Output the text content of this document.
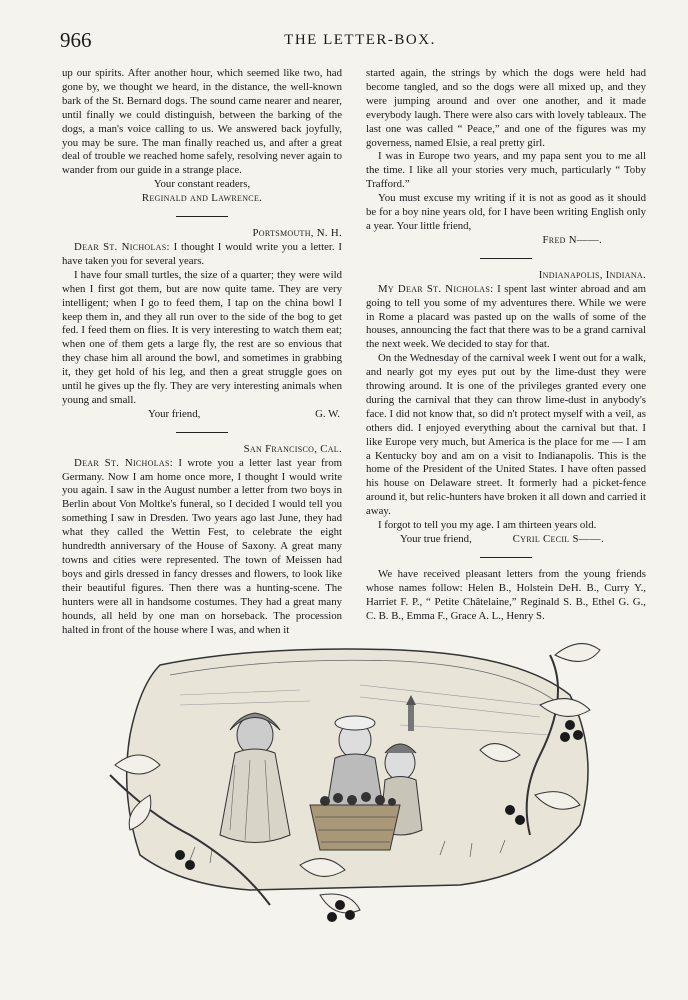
966	THE LETTER-BOX.

up our spirits. After another hour, which seemed like two, had gone by, we thought we heard, in the distance, the well-known bark of the St. Bernard dogs. The sound came nearer and nearer, until finally we could distinguish, between the barking of the dogs, a man's voice calling to us. We answered back joyfully, you may be sure. The man finally reached us, and after a great deal of trouble we reached home safely, resolving never again to wander from our guide in a strange place.

Your constant readers,
Reginald and Lawrence.
Portsmouth, N. H.

Dear St. Nicholas: I thought I would write you a letter. I have taken you for several years.

I have four small turtles, the size of a quarter; they were wild when I first got them, but are now quite tame. They are very intelligent; when I go to feed them, I tap on the china bowl I keep them in, and they all run over to the side of the bog to get fed. I feed them on flies. It is very interesting to watch them eat; when one of them gets a large fly, the rest are so envious that they chase him all around the bowl, and sometimes in grabbing it, they get hold of his leg, and then a great struggle goes on until he gives up the fly. They are very interesting animals when young and small.

Your friend,	G. W.
San Francisco, Cal.

Dear St. Nicholas: I wrote you a letter last year from Germany. Now I am home once more, I thought I would write you again. I saw in the August number a letter from two boys in Berlin about Von Moltke's funeral, so I decided I would tell you something I saw in Dresden. Two years ago last June, they had what they called the Wettin Fest, to celebrate the eight hundredth anniversary of the House of Saxony. A great many towns and cities were represented. The town of Meissen had boys and girls dressed in fancy dresses and flowers, to look like their beautiful figures. Then there was a hunting-scene. The hunters were all in handsome costumes. They had a great many hounds, all held by one man on horseback. The procession halted in front of the house where I was, and when it

started again, the strings by which the dogs were held had become tangled, and so the dogs were all mixed up, and they were jumping around and over one another, and it made everybody laugh. There were also cars with lovely tableaux. The last one was called “ Peace,” and one of the figures was my governess, named Elsie, a real pretty girl.

I was in Europe two years, and my papa sent you to me all the time. I like all your stories very much, particularly “ Toby Trafford.”

You must excuse my writing if it is not as good as it should be for a boy nine years old, for I have been writing English only a year. Your little friend,

Fred N——.
Indianapolis, Indiana.

My Dear St. Nicholas: I spent last winter abroad and am going to tell you some of my adventures there. While we were in Rome a placard was pasted up on the walls of some of the houses, announcing the fact that there was to be a grand carnival the next week. We decided to stay for that.

On the Wednesday of the carnival week I went out for a walk, and nearly got my eyes put out by the lime-dust they were throwing around. It is one of the privileges granted every one during the carnival that they can throw lime-dust in anybody's face. I did not know that, so did n't protect myself with a veil, as others did. I enjoyed everything about the carnival but that. I like Europe very much, but America is the place for me — I am a Kentucky boy and am on a visit to Indianapolis. This is the home of the President of the United States. I have often passed his house on Delaware street. It formerly had a picket-fence around it, but relic-hunters have broken it all down and carried it away.

I forgot to tell you my age. I am thirteen years old.

Your true friend,	Cyril Cecil S——.

We have received pleasant letters from the young friends whose names follow: Helen B., Holstein DeH. B., Curry Y., Harriet F. P., “ Petite Châtelaine,” Reginald S. B., Ethel G. G., C. B. B., Emma F., Grace A. L., Henry S.
